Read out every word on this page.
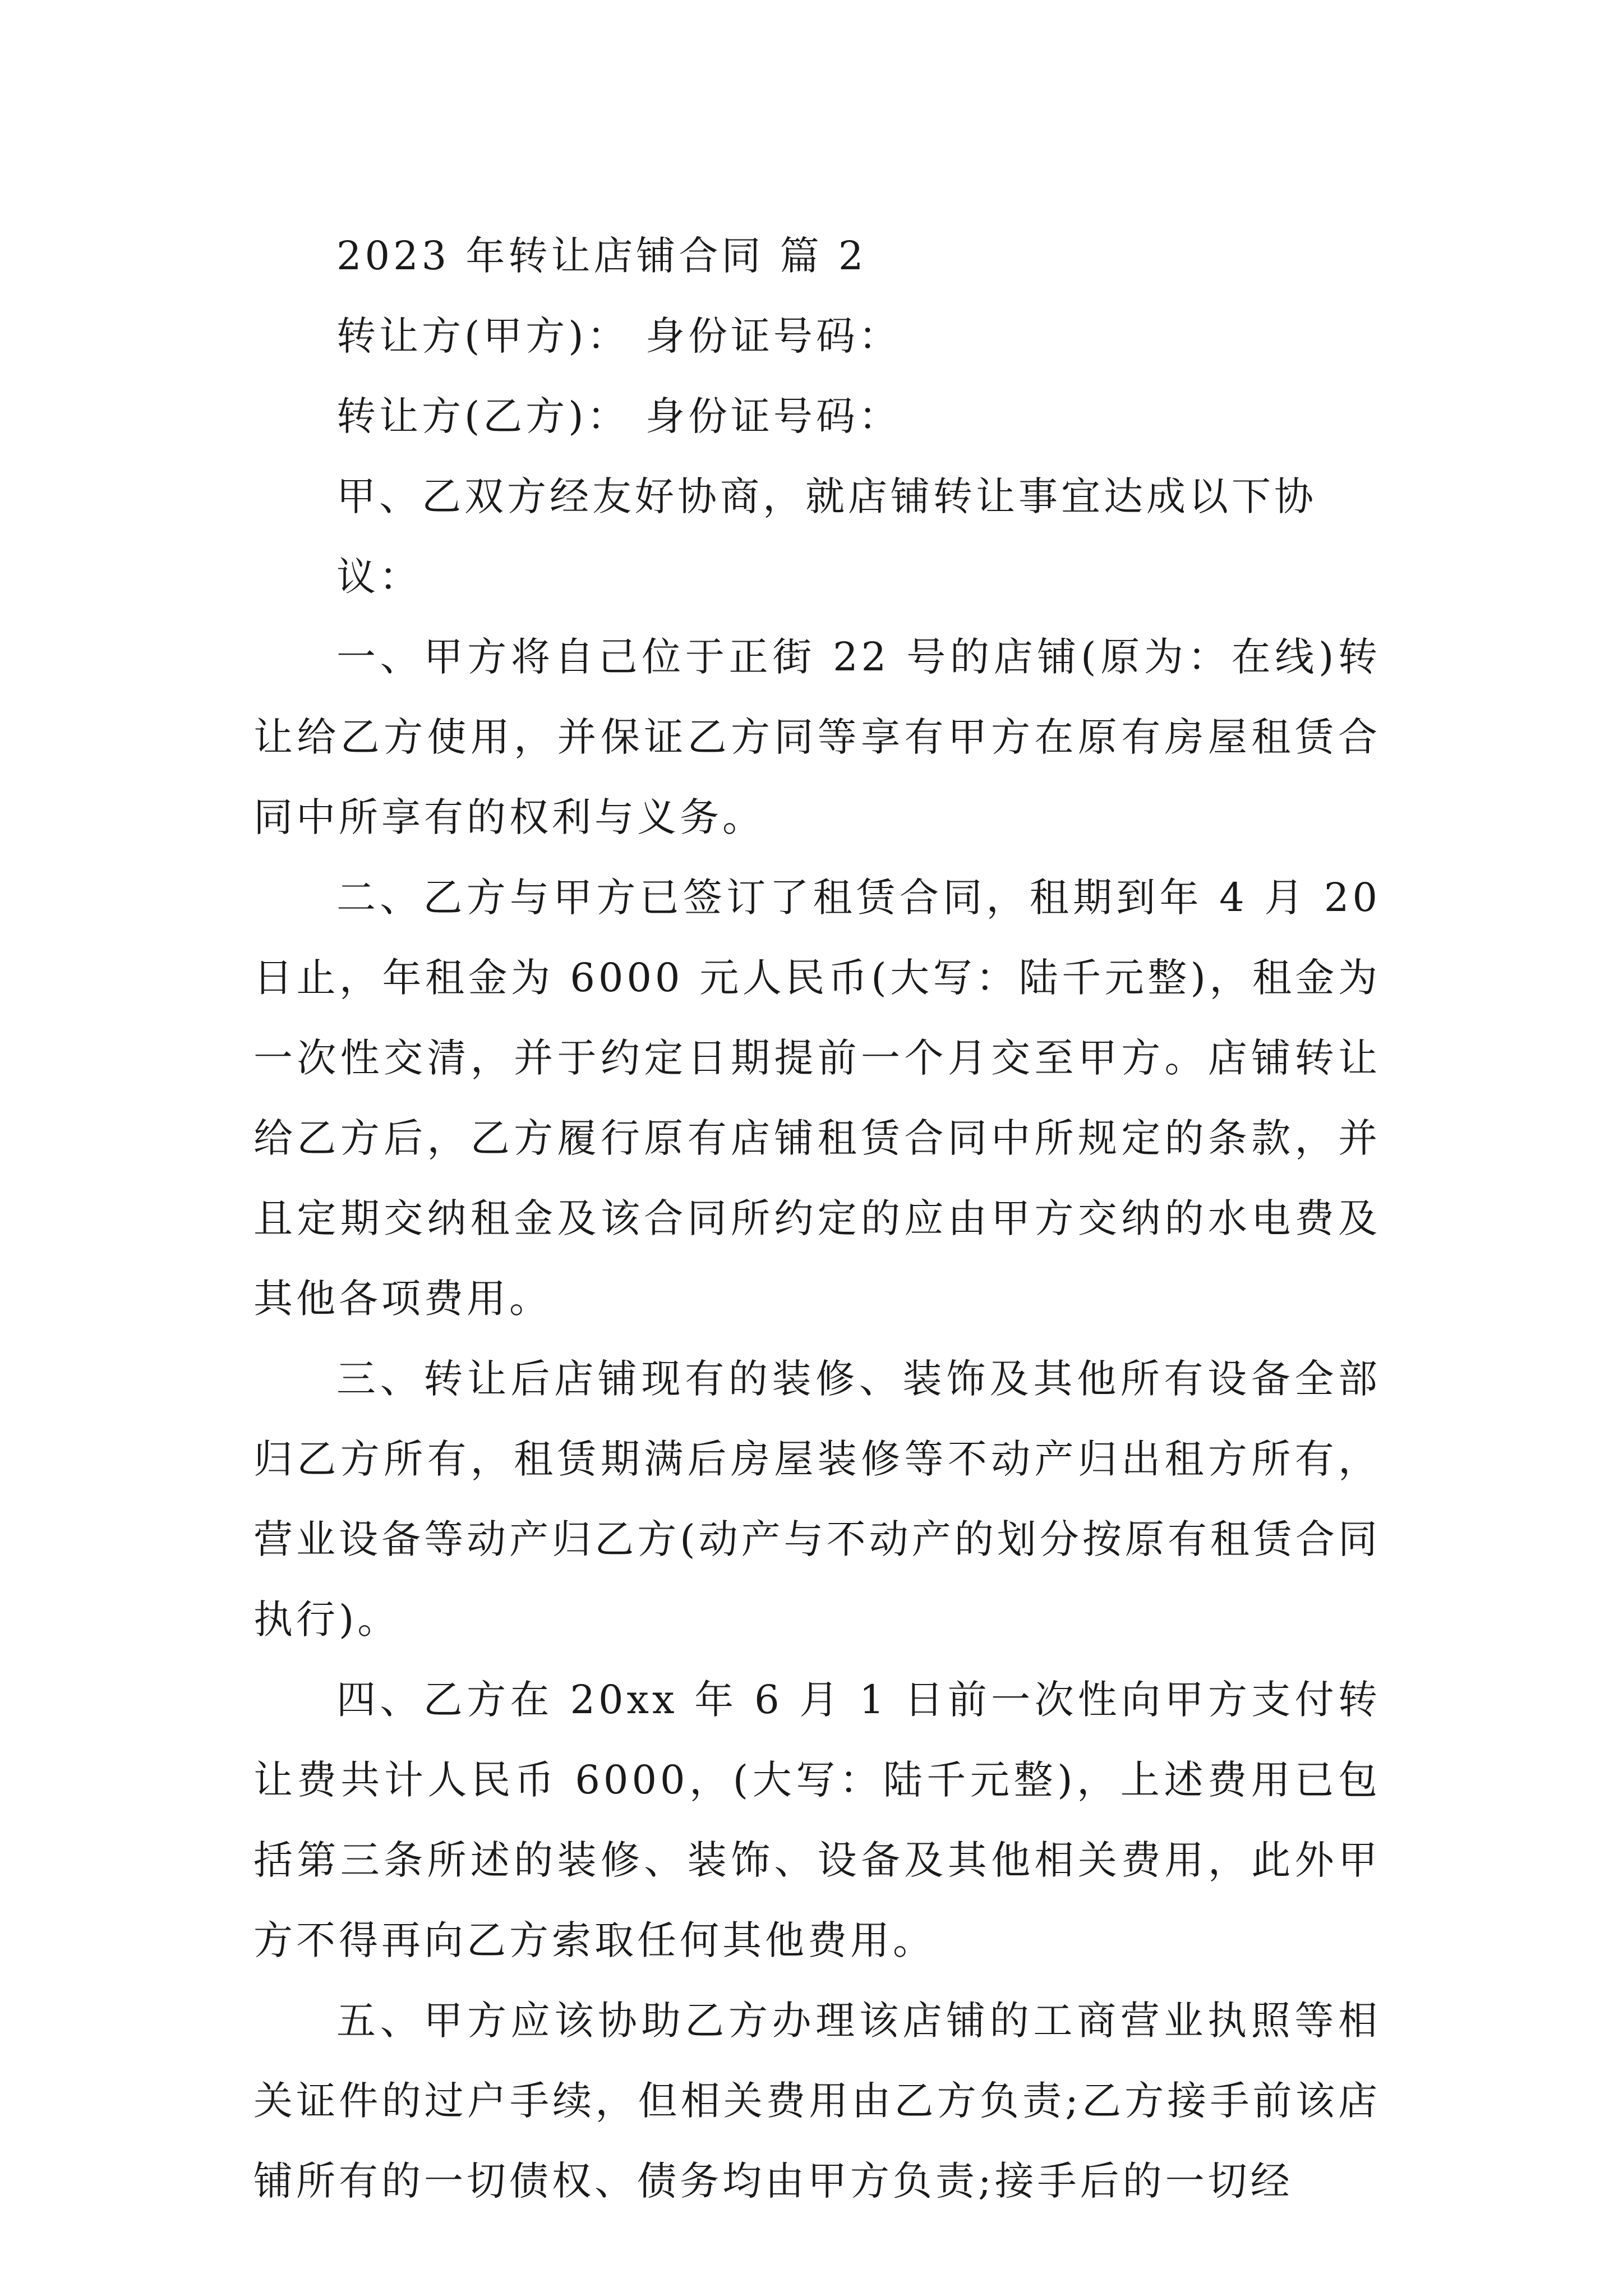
2023 年转让店铺合同 篇 2

转让方(甲方)： 身份证号码：

转让方(乙方)： 身份证号码：

甲、乙双方经友好协商，就店铺转让事宜达成以下协议：

一、甲方将自己位于正街 22 号的店铺(原为：在线)转让给乙方使用，并保证乙方同等享有甲方在原有房屋租赁合同中所享有的权利与义务。

二、乙方与甲方已签订了租赁合同，租期到年 4 月 20 日止，年租金为 6000 元人民币(大写：陆千元整)，租金为一次性交清，并于约定日期提前一个月交至甲方。店铺转让给乙方后，乙方履行原有店铺租赁合同中所规定的条款，并且定期交纳租金及该合同所约定的应由甲方交纳的水电费及其他各项费用。

三、转让后店铺现有的装修、装饰及其他所有设备全部归乙方所有，租赁期满后房屋装修等不动产归出租方所有，营业设备等动产归乙方(动产与不动产的划分按原有租赁合同执行)。

四、乙方在 20xx 年 6 月 1 日前一次性向甲方支付转让费共计人民币 6000，(大写：陆千元整)，上述费用已包括第三条所述的装修、装饰、设备及其他相关费用，此外甲方不得再向乙方索取任何其他费用。

五、甲方应该协助乙方办理该店铺的工商营业执照等相关证件的过户手续，但相关费用由乙方负责;乙方接手前该店铺所有的一切债权、债务均由甲方负责;接手后的一切经
